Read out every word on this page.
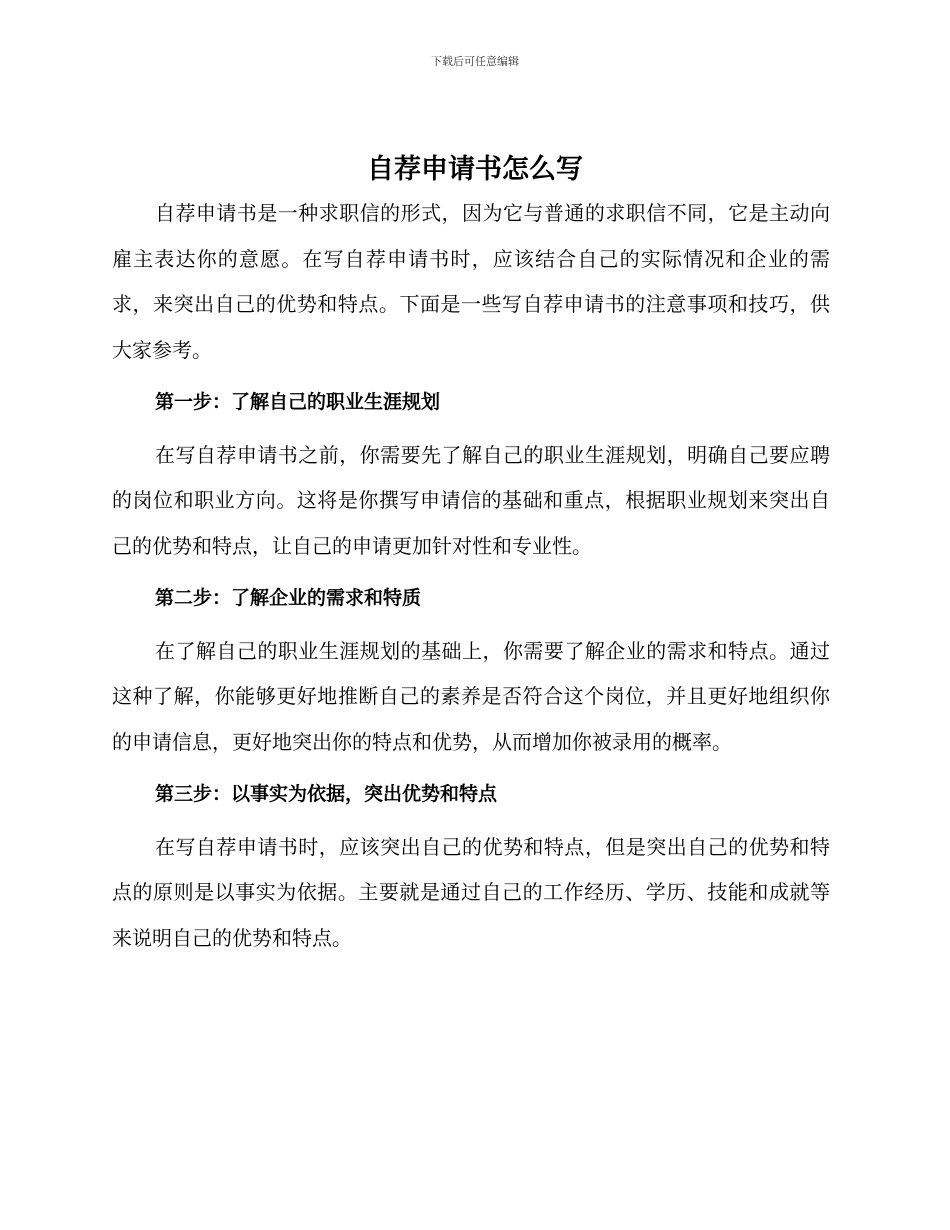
下载后可任意编辑
自荐申请书怎么写

自荐申请书是一种求职信的形式，因为它与普通的求职信不同，它是主动向雇主表达你的意愿。在写自荐申请书时，应该结合自己的实际情况和企业的需求，来突出自己的优势和特点。下面是一些写自荐申请书的注意事项和技巧，供大家参考。

第一步：了解自己的职业生涯规划

在写自荐申请书之前，你需要先了解自己的职业生涯规划，明确自己要应聘的岗位和职业方向。这将是你撰写申请信的基础和重点，根据职业规划来突出自己的优势和特点，让自己的申请更加针对性和专业性。

第二步：了解企业的需求和特质

在了解自己的职业生涯规划的基础上，你需要了解企业的需求和特点。通过这种了解，你能够更好地推断自己的素养是否符合这个岗位，并且更好地组织你的申请信息，更好地突出你的特点和优势，从而增加你被录用的概率。

第三步：以事实为依据，突出优势和特点

在写自荐申请书时，应该突出自己的优势和特点，但是突出自己的优势和特点的原则是以事实为依据。主要就是通过自己的工作经历、学历、技能和成就等来说明自己的优势和特点。
